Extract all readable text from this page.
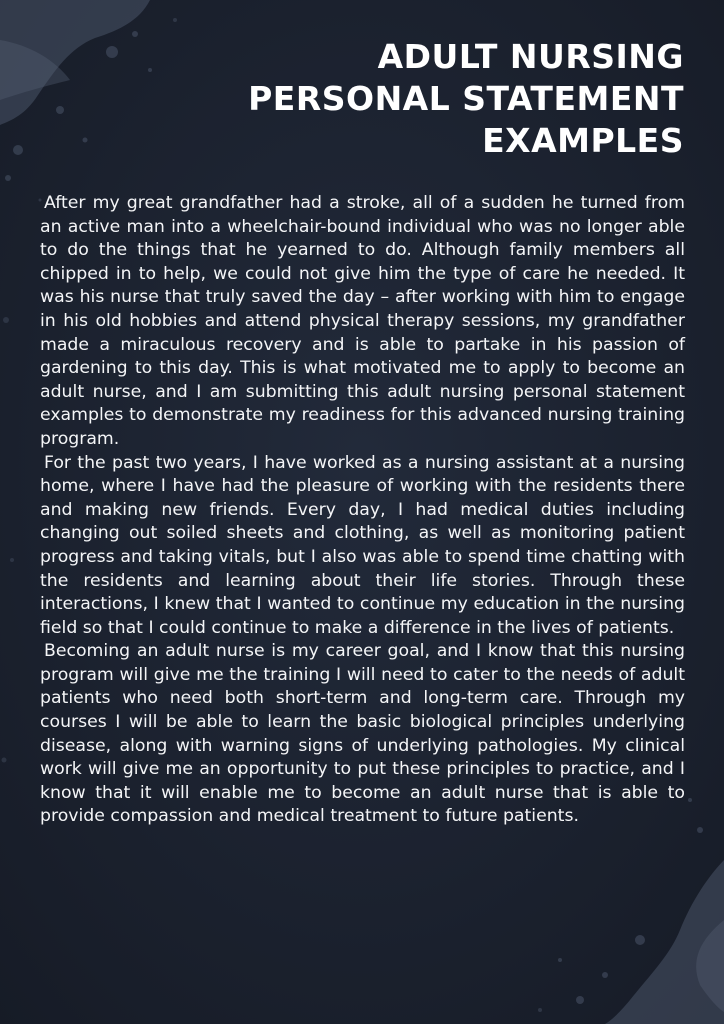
ADULT NURSING
PERSONAL STATEMENT
EXAMPLES

After my great grandfather had a stroke, all of a sudden he turned from an active man into a wheelchair-bound individual who was no longer able to do the things that he yearned to do. Although family members all chipped in to help, we could not give him the type of care he needed. It was his nurse that truly saved the day – after working with him to engage in his old hobbies and attend physical therapy sessions, my grandfather made a miraculous recovery and is able to partake in his passion of gardening to this day. This is what motivated me to apply to become an adult nurse, and I am submitting this adult nursing personal statement examples to demonstrate my readiness for this advanced nursing training program.

For the past two years, I have worked as a nursing assistant at a nursing home, where I have had the pleasure of working with the residents there and making new friends. Every day, I had medical duties including changing out soiled sheets and clothing, as well as monitoring patient progress and taking vitals, but I also was able to spend time chatting with the residents and learning about their life stories. Through these interactions, I knew that I wanted to continue my education in the nursing field so that I could continue to make a difference in the lives of patients.

Becoming an adult nurse is my career goal, and I know that this nursing program will give me the training I will need to cater to the needs of adult patients who need both short-term and long-term care. Through my courses I will be able to learn the basic biological principles underlying disease, along with warning signs of underlying pathologies. My clinical work will give me an opportunity to put these principles to practice, and I know that it will enable me to become an adult nurse that is able to provide compassion and medical treatment to future patients.
